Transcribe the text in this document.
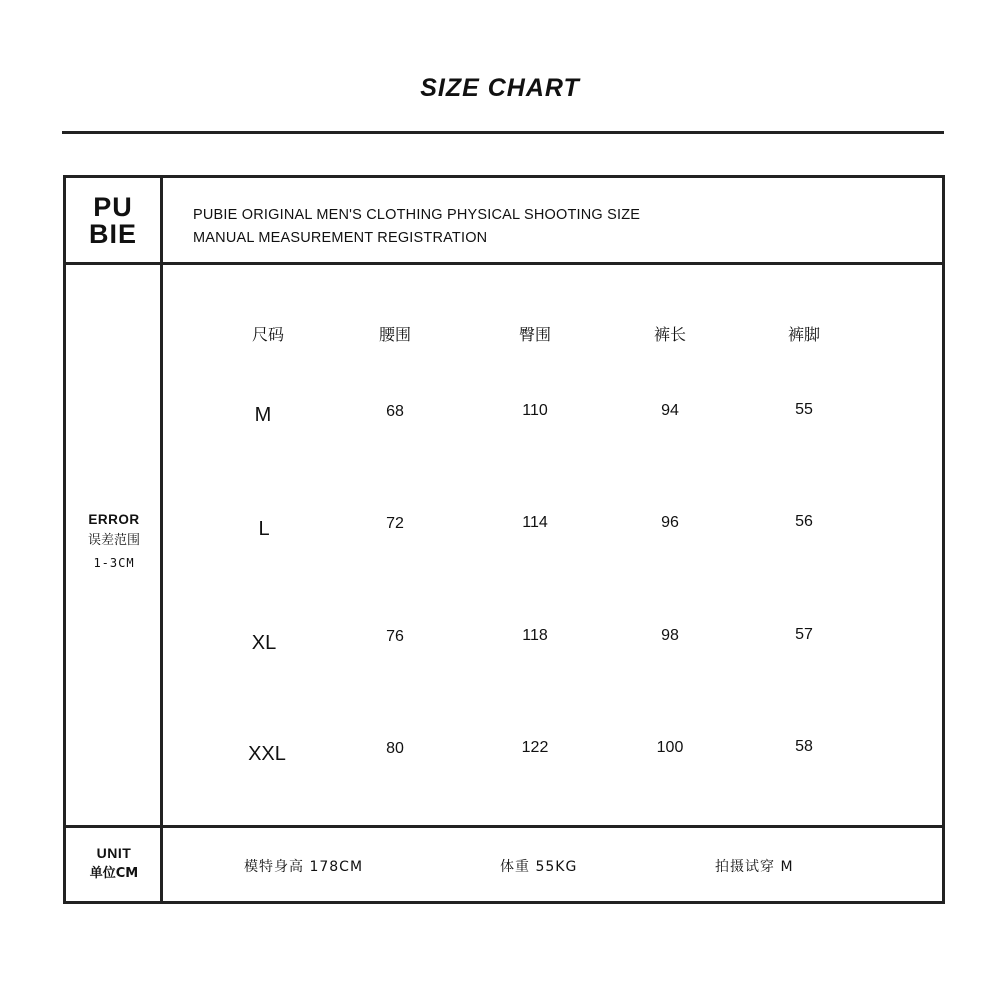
SIZE CHART
PU
BIE
PUBIE ORIGINAL MEN'S CLOTHING PHYSICAL SHOOTING SIZE
MANUAL MEASUREMENT REGISTRATION
ERROR
误差范围
1-3CM
尺码	腰围	臀围	裤长	裤脚
M	68	110	94	55
L	72	114	96	56
XL	76	118	98	57
XXL	80	122	100	58
UNIT
单位CM	模特身高 178CM	体重 55KG	拍摄试穿 M
